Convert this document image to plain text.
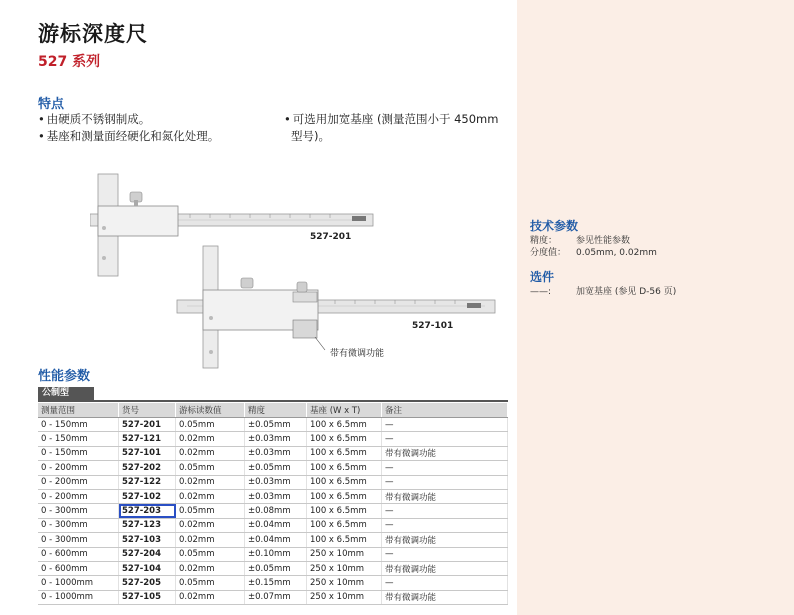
游标深度尺
527 系列
特点
• 由硬质不锈钢制成。
• 基座和测量面经硬化和氮化处理。
• 可选用加宽基座 (测量范围小于 450mm
型号)。
527-201
527-101
带有微调功能
技术参数
精度： 参见性能参数
分度值： 0.05mm, 0.02mm
选件
——:	加宽基座 (参见 D-56 页)
性能参数
公制型
测量范围	货号	游标读数值	精度	基座 (W x T)	备注
0 - 150mm	527-201	0.05mm	±0.05mm	100 x 6.5mm	—
0 - 150mm	527-121	0.02mm	±0.03mm	100 x 6.5mm	—
0 - 150mm	527-101	0.02mm	±0.03mm	100 x 6.5mm	带有微调功能
0 - 200mm	527-202	0.05mm	±0.05mm	100 x 6.5mm	—
0 - 200mm	527-122	0.02mm	±0.03mm	100 x 6.5mm	—
0 - 200mm	527-102	0.02mm	±0.03mm	100 x 6.5mm	带有微调功能
0 - 300mm	527-203	0.05mm	±0.08mm	100 x 6.5mm	—
0 - 300mm	527-123	0.02mm	±0.04mm	100 x 6.5mm	—
0 - 300mm	527-103	0.02mm	±0.04mm	100 x 6.5mm	带有微调功能
0 - 600mm	527-204	0.05mm	±0.10mm	250 x 10mm	—
0 - 600mm	527-104	0.02mm	±0.05mm	250 x 10mm	带有微调功能
0 - 1000mm	527-205	0.05mm	±0.15mm	250 x 10mm	—
0 - 1000mm	527-105	0.02mm	±0.07mm	250 x 10mm	带有微调功能
